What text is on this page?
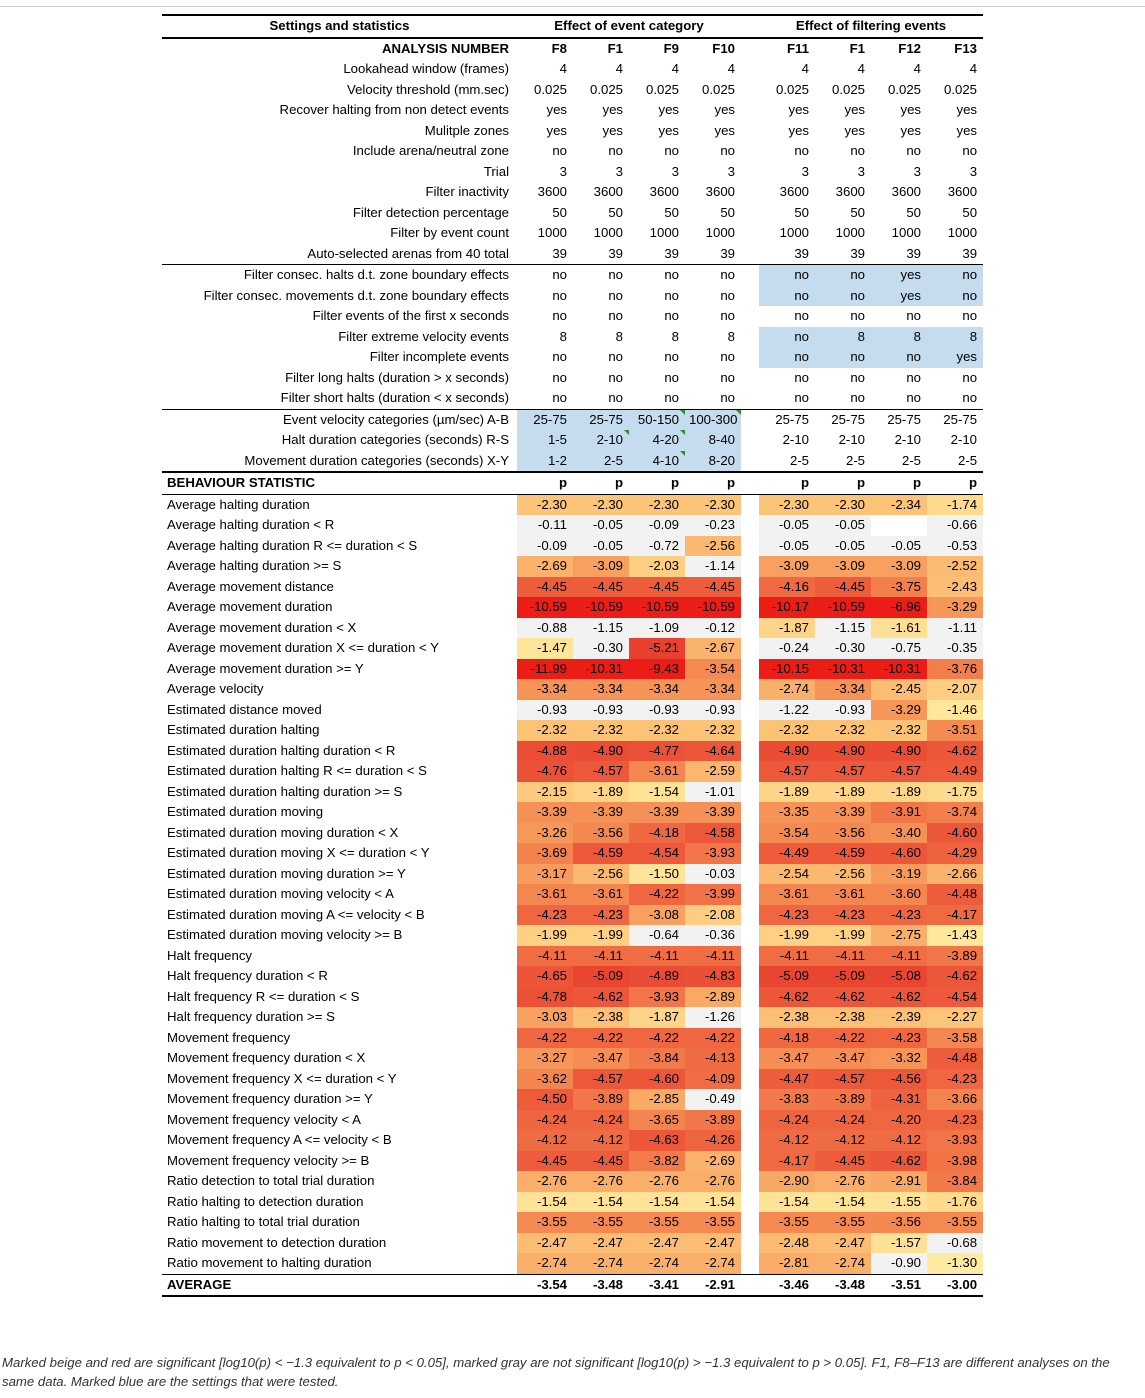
Settings and statistics	Effect of event category					Effect of filtering events			
ANALYSIS NUMBER	F8	F1	F9	F10		F11	F1	F12	F13
Lookahead window (frames)	4	4	4	4		4	4	4	4
Velocity threshold (mm.sec)	0.025	0.025	0.025	0.025		0.025	0.025	0.025	0.025
Recover halting from non detect events	yes	yes	yes	yes		yes	yes	yes	yes
Mulitple zones	yes	yes	yes	yes		yes	yes	yes	yes
Include arena/neutral zone	no	no	no	no		no	no	no	no
Trial	3	3	3	3		3	3	3	3
Filter inactivity	3600	3600	3600	3600		3600	3600	3600	3600
Filter detection percentage	50	50	50	50		50	50	50	50
Filter by event count	1000	1000	1000	1000		1000	1000	1000	1000
Auto-selected arenas from 40 total	39	39	39	39		39	39	39	39
Filter consec. halts d.t. zone boundary effects	no	no	no	no		no	no	yes	no
Filter consec. movements d.t. zone boundary effects	no	no	no	no		no	no	yes	no
Filter events of the first x seconds	no	no	no	no		no	no	no	no
Filter extreme velocity events	8	8	8	8		no	8	8	8
Filter incomplete events	no	no	no	no		no	no	no	yes
Filter long halts (duration > x seconds)	no	no	no	no		no	no	no	no
Filter short halts (duration < x seconds)	no	no	no	no		no	no	no	no
Event velocity categories (µm/sec) A-B	25-75	25-75	50-150	100-300		25-75	25-75	25-75	25-75
Halt duration categories (seconds) R-S	1-5	2-10	4-20	8-40		2-10	2-10	2-10	2-10
Movement duration categories (seconds) X-Y	1-2	2-5	4-10	8-20		2-5	2-5	2-5	2-5
BEHAVIOUR STATISTIC	p	p	p	p		p	p	p	p
Average halting duration	-2.30	-2.30	-2.30	-2.30		-2.30	-2.30	-2.34	-1.74
Average halting duration < R	-0.11	-0.05	-0.09	-0.23		-0.05	-0.05		-0.66
Average halting duration R <= duration < S	-0.09	-0.05	-0.72	-2.56		-0.05	-0.05	-0.05	-0.53
Average halting duration >= S	-2.69	-3.09	-2.03	-1.14		-3.09	-3.09	-3.09	-2.52
Average movement distance	-4.45	-4.45	-4.45	-4.45		-4.16	-4.45	-3.75	-2.43
Average movement duration	-10.59	-10.59	-10.59	-10.59		-10.17	-10.59	-6.96	-3.29
Average movement duration < X	-0.88	-1.15	-1.09	-0.12		-1.87	-1.15	-1.61	-1.11
Average movement duration X <= duration < Y	-1.47	-0.30	-5.21	-2.67		-0.24	-0.30	-0.75	-0.35
Average movement duration >= Y	-11.99	-10.31	-9.43	-3.54		-10.15	-10.31	-10.31	-3.76
Average velocity	-3.34	-3.34	-3.34	-3.34		-2.74	-3.34	-2.45	-2.07
Estimated distance moved	-0.93	-0.93	-0.93	-0.93		-1.22	-0.93	-3.29	-1.46
Estimated duration halting	-2.32	-2.32	-2.32	-2.32		-2.32	-2.32	-2.32	-3.51
Estimated duration halting duration < R	-4.88	-4.90	-4.77	-4.64		-4.90	-4.90	-4.90	-4.62
Estimated duration halting R <= duration < S	-4.76	-4.57	-3.61	-2.59		-4.57	-4.57	-4.57	-4.49
Estimated duration halting duration >= S	-2.15	-1.89	-1.54	-1.01		-1.89	-1.89	-1.89	-1.75
Estimated duration moving	-3.39	-3.39	-3.39	-3.39		-3.35	-3.39	-3.91	-3.74
Estimated duration moving duration < X	-3.26	-3.56	-4.18	-4.58		-3.54	-3.56	-3.40	-4.60
Estimated duration moving X <= duration < Y	-3.69	-4.59	-4.54	-3.93		-4.49	-4.59	-4.60	-4.29
Estimated duration moving duration >= Y	-3.17	-2.56	-1.50	-0.03		-2.54	-2.56	-3.19	-2.66
Estimated duration moving velocity < A	-3.61	-3.61	-4.22	-3.99		-3.61	-3.61	-3.60	-4.48
Estimated duration moving A <= velocity < B	-4.23	-4.23	-3.08	-2.08		-4.23	-4.23	-4.23	-4.17
Estimated duration moving velocity >= B	-1.99	-1.99	-0.64	-0.36		-1.99	-1.99	-2.75	-1.43
Halt frequency	-4.11	-4.11	-4.11	-4.11		-4.11	-4.11	-4.11	-3.89
Halt frequency duration < R	-4.65	-5.09	-4.89	-4.83		-5.09	-5.09	-5.08	-4.62
Halt frequency R <= duration < S	-4.78	-4.62	-3.93	-2.89		-4.62	-4.62	-4.62	-4.54
Halt frequency duration >= S	-3.03	-2.38	-1.87	-1.26		-2.38	-2.38	-2.39	-2.27
Movement frequency	-4.22	-4.22	-4.22	-4.22		-4.18	-4.22	-4.23	-3.58
Movement frequency duration < X	-3.27	-3.47	-3.84	-4.13		-3.47	-3.47	-3.32	-4.48
Movement frequency X <= duration < Y	-3.62	-4.57	-4.60	-4.09		-4.47	-4.57	-4.56	-4.23
Movement frequency duration >= Y	-4.50	-3.89	-2.85	-0.49		-3.83	-3.89	-4.31	-3.66
Movement frequency velocity < A	-4.24	-4.24	-3.65	-3.89		-4.24	-4.24	-4.20	-4.23
Movement frequency A <= velocity < B	-4.12	-4.12	-4.63	-4.26		-4.12	-4.12	-4.12	-3.93
Movement frequency velocity >= B	-4.45	-4.45	-3.82	-2.69		-4.17	-4.45	-4.62	-3.98
Ratio detection to total trial duration	-2.76	-2.76	-2.76	-2.76		-2.90	-2.76	-2.91	-3.84
Ratio halting to detection duration	-1.54	-1.54	-1.54	-1.54		-1.54	-1.54	-1.55	-1.76
Ratio halting to total trial duration	-3.55	-3.55	-3.55	-3.55		-3.55	-3.55	-3.56	-3.55
Ratio movement to detection duration	-2.47	-2.47	-2.47	-2.47		-2.48	-2.47	-1.57	-0.68
Ratio movement to halting duration	-2.74	-2.74	-2.74	-2.74		-2.81	-2.74	-0.90	-1.30
AVERAGE	-3.54	-3.48	-3.41	-2.91		-3.46	-3.48	-3.51	-3.00
Marked beige and red are significant [log10(p) < −1.3 equivalent to p < 0.05], marked gray are not significant [log10(p) > −1.3 equivalent to p > 0.05]. F1, F8–F13 are different analyses on the same data. Marked blue are the settings that were tested.
